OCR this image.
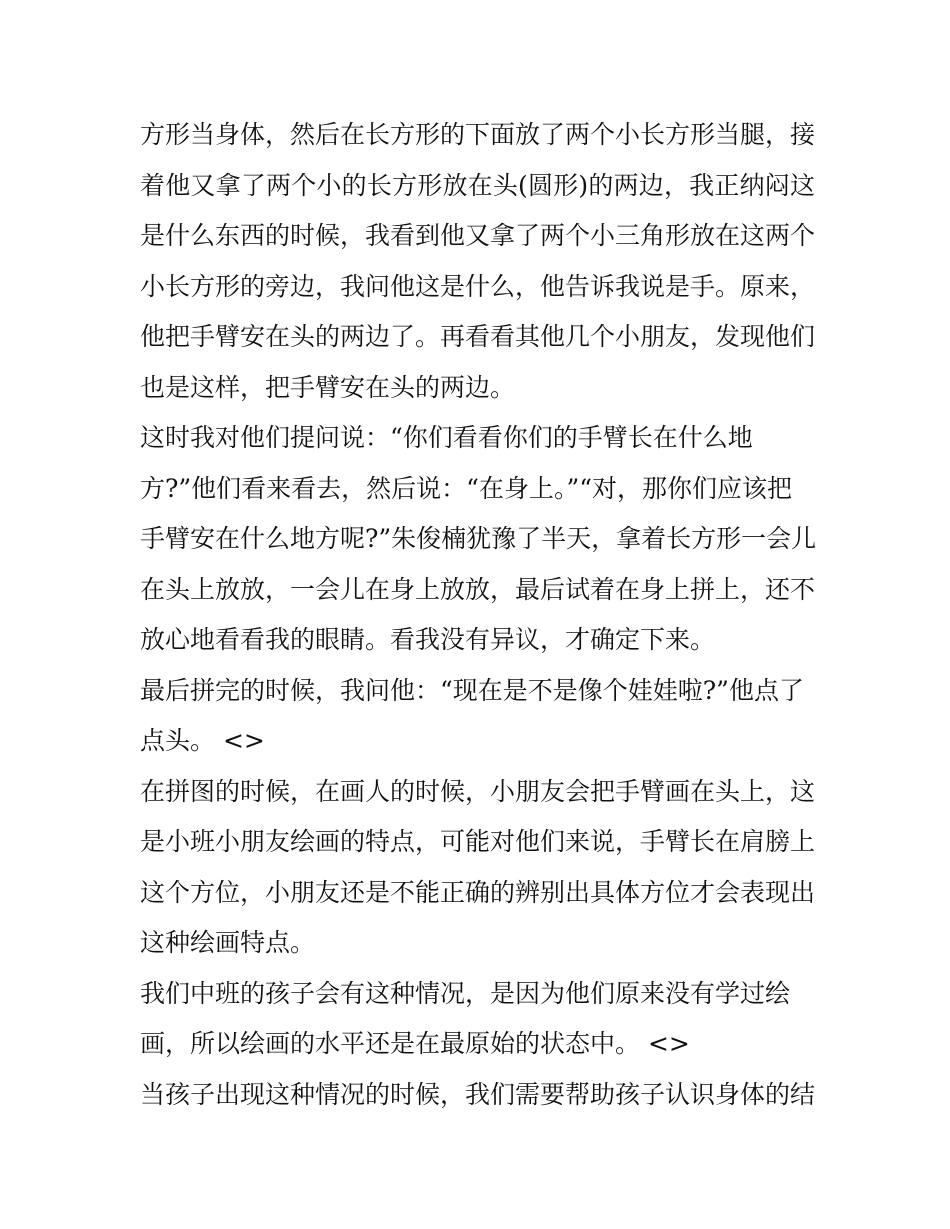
方形当身体，然后在长方形的下面放了两个小长方形当腿，接
着他又拿了两个小的长方形放在头(圆形)的两边，我正纳闷这
是什么东西的时候，我看到他又拿了两个小三角形放在这两个
小长方形的旁边，我问他这是什么，他告诉我说是手。原来，
他把手臂安在头的两边了。再看看其他几个小朋友，发现他们
也是这样，把手臂安在头的两边。
这时我对他们提问说：“你们看看你们的手臂长在什么地
方?”他们看来看去，然后说：“在身上。”“对，那你们应该把
手臂安在什么地方呢?”朱俊楠犹豫了半天，拿着长方形一会儿
在头上放放，一会儿在身上放放，最后试着在身上拼上，还不
放心地看看我的眼睛。看我没有异议，才确定下来。
最后拼完的时候，我问他：“现在是不是像个娃娃啦?”他点了
点头。 <>
在拼图的时候，在画人的时候，小朋友会把手臂画在头上，这
是小班小朋友绘画的特点，可能对他们来说，手臂长在肩膀上
这个方位，小朋友还是不能正确的辨别出具体方位才会表现出
这种绘画特点。
我们中班的孩子会有这种情况，是因为他们原来没有学过绘
画，所以绘画的水平还是在最原始的状态中。 <>
当孩子出现这种情况的时候，我们需要帮助孩子认识身体的结
